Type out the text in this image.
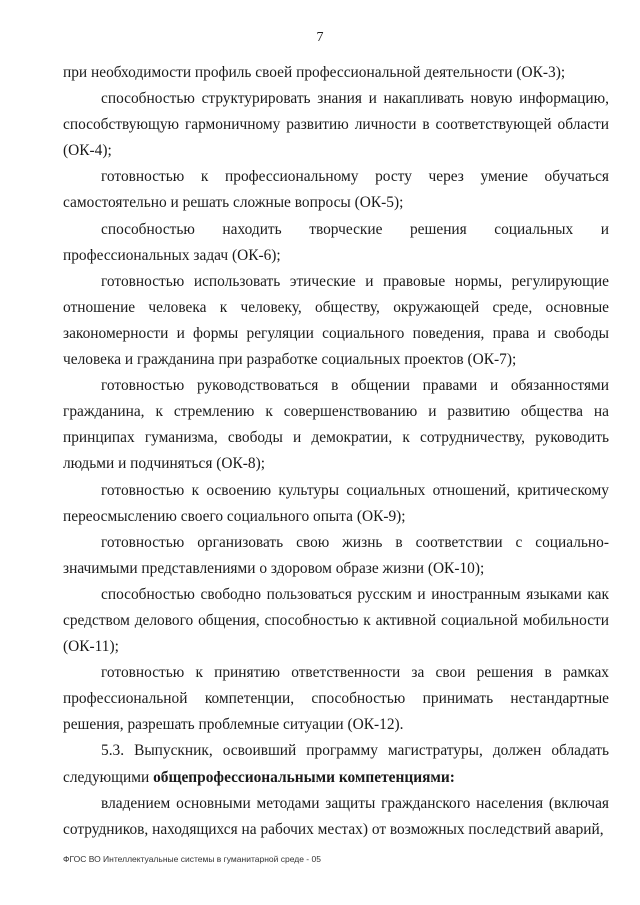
7

при необходимости профиль своей профессиональной деятельности (ОК-3);

способностью структурировать знания и накапливать новую информацию, способствующую гармоничному развитию личности в соответствующей области (ОК-4);

готовностью к профессиональному росту через умение обучаться самостоятельно и решать сложные вопросы (ОК-5);

способностью находить творческие решения социальных и профессиональных задач (ОК-6);

готовностью использовать этические и правовые нормы, регулирующие отношение человека к человеку, обществу, окружающей среде, основные закономерности и формы регуляции социального поведения, права и свободы человека и гражданина при разработке социальных проектов (ОК-7);

готовностью руководствоваться в общении правами и обязанностями гражданина, к стремлению к совершенствованию и развитию общества на принципах гуманизма, свободы и демократии, к сотрудничеству, руководить людьми и подчиняться (ОК-8);

готовностью к освоению культуры социальных отношений, критическому переосмыслению своего социального опыта (ОК-9);

готовностью организовать свою жизнь в соответствии с социально-значимыми представлениями о здоровом образе жизни (ОК-10);

способностью свободно пользоваться русским и иностранным языками как средством делового общения, способностью к активной социальной мобильности (ОК-11);

готовностью к принятию ответственности за свои решения в рамках профессиональной компетенции, способностью принимать нестандартные решения, разрешать проблемные ситуации (ОК-12).

5.3. Выпускник, освоивший программу магистратуры, должен обладать следующими общепрофессиональными компетенциями:

владением основными методами защиты гражданского населения (включая сотрудников, находящихся на рабочих местах) от возможных последствий аварий,

ФГОС ВО Интеллектуальные системы в гуманитарной среде - 05
